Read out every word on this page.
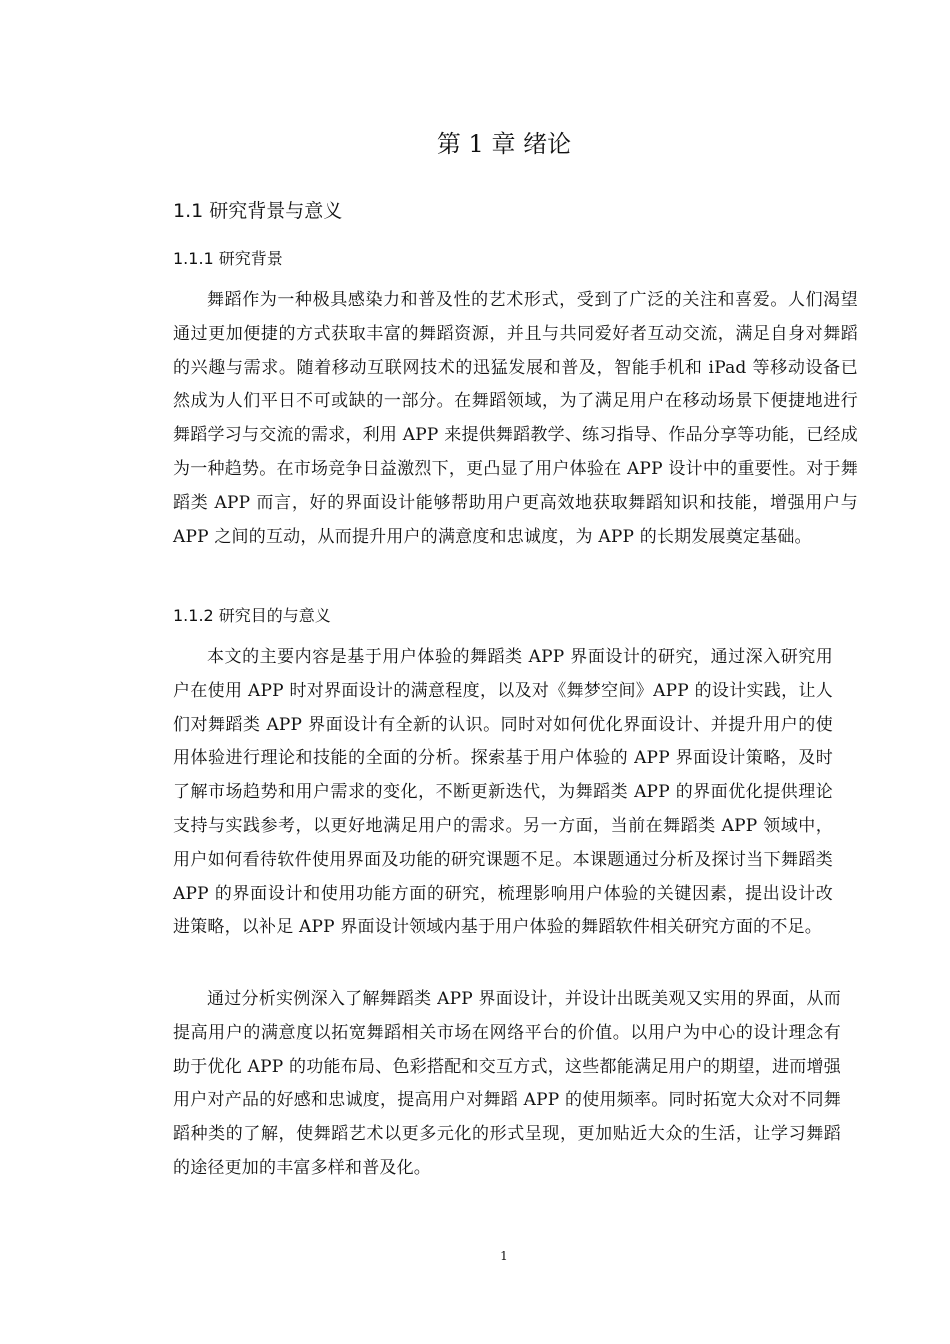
第 1 章 绪论
1.1 研究背景与意义
1.1.1 研究背景

舞蹈作为一种极具感染力和普及性的艺术形式，受到了广泛的关注和喜爱。人们渴望通过更加便捷的方式获取丰富的舞蹈资源，并且与共同爱好者互动交流，满足自身对舞蹈的兴趣与需求。随着移动互联网技术的迅猛发展和普及，智能手机和 iPad 等移动设备已然成为人们平日不可或缺的一部分。在舞蹈领域，为了满足用户在移动场景下便捷地进行舞蹈学习与交流的需求，利用 APP 来提供舞蹈教学、练习指导、作品分享等功能，已经成为一种趋势。在市场竞争日益激烈下，更凸显了用户体验在 APP 设计中的重要性。对于舞蹈类 APP 而言，好的界面设计能够帮助用户更高效地获取舞蹈知识和技能，增强用户与 APP 之间的互动，从而提升用户的满意度和忠诚度，为 APP 的长期发展奠定基础。

1.1.2 研究目的与意义

本文的主要内容是基于用户体验的舞蹈类 APP 界面设计的研究，通过深入研究用户在使用 APP 时对界面设计的满意程度，以及对《舞梦空间》APP 的设计实践，让人们对舞蹈类 APP 界面设计有全新的认识。同时对如何优化界面设计、并提升用户的使用体验进行理论和技能的全面的分析。探索基于用户体验的 APP 界面设计策略，及时了解市场趋势和用户需求的变化，不断更新迭代，为舞蹈类 APP 的界面优化提供理论支持与实践参考，以更好地满足用户的需求。另一方面，当前在舞蹈类 APP 领域中，用户如何看待软件使用界面及功能的研究课题不足。本课题通过分析及探讨当下舞蹈类 APP 的界面设计和使用功能方面的研究，梳理影响用户体验的关键因素，提出设计改进策略，以补足 APP 界面设计领域内基于用户体验的舞蹈软件相关研究方面的不足。

通过分析实例深入了解舞蹈类 APP 界面设计，并设计出既美观又实用的界面，从而提高用户的满意度以拓宽舞蹈相关市场在网络平台的价值。以用户为中心的设计理念有助于优化 APP 的功能布局、色彩搭配和交互方式，这些都能满足用户的期望，进而增强用户对产品的好感和忠诚度，提高用户对舞蹈 APP 的使用频率。同时拓宽大众对不同舞蹈种类的了解，使舞蹈艺术以更多元化的形式呈现，更加贴近大众的生活，让学习舞蹈的途径更加的丰富多样和普及化。

1
